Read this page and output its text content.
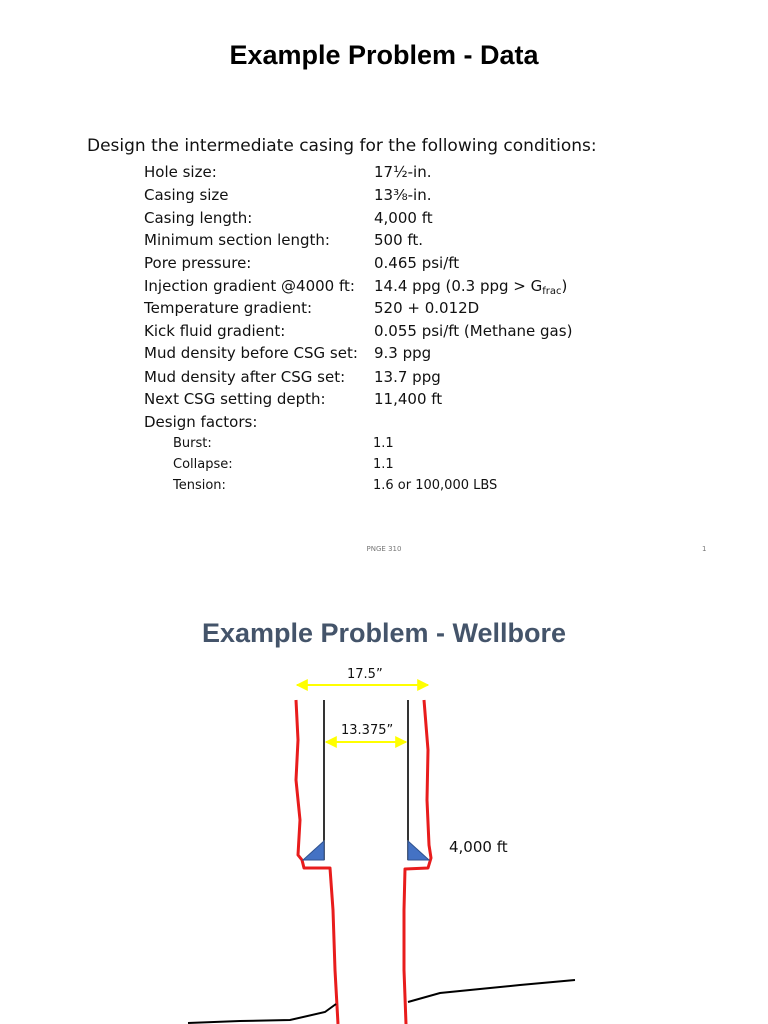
Example Problem - Data
Design the intermediate casing for the following conditions:
Hole size:	17½-in.
Casing size	13⅜-in.
Casing length:	4,000 ft
Minimum section length:	500 ft.
Pore pressure:	0.465 psi/ft
Injection gradient @4000 ft: 14.4 ppg (0.3 ppg > $G_{frac}$)
Temperature gradient:	520 + 0.012D
Kick fluid gradient:	0.055 psi/ft (Methane gas)
Mud density before CSG set: 9.3 ppg
Mud density after CSG set: 13.7 ppg
Next CSG setting depth:	11,400 ft
Design factors:
Burst:	1.1
Collapse:	1.1
Tension:	1.6 or 100,000 LBS
PNGE 310	1
Example Problem - Wellbore
17.5”
13.375”
4,000 ft
